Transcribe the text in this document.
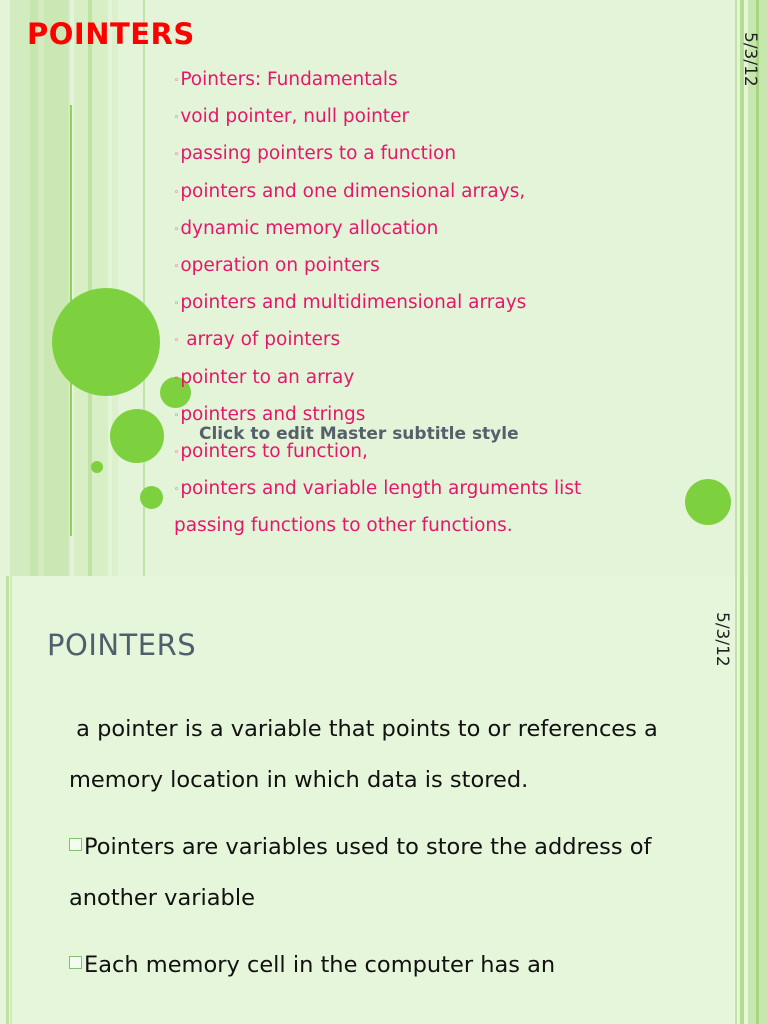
POINTERS	5/3/12
◦Pointers: Fundamentals
◦void pointer, null pointer
◦passing pointers to a function
◦pointers and one dimensional arrays,
◦dynamic memory allocation
◦operation on pointers
◦pointers and multidimensional arrays
◦ array of pointers
◦pointer to an array
◦pointers and strings
◦pointers to function,
◦pointers and variable length arguments list
passing functions to other functions.
Click to edit Master subtitle style
POINTERS	5/3/12

a pointer is a variable that points to or references a memory location in which data is stored.

Pointers are variables used to store the address of another variable

Each memory cell in the computer has an
